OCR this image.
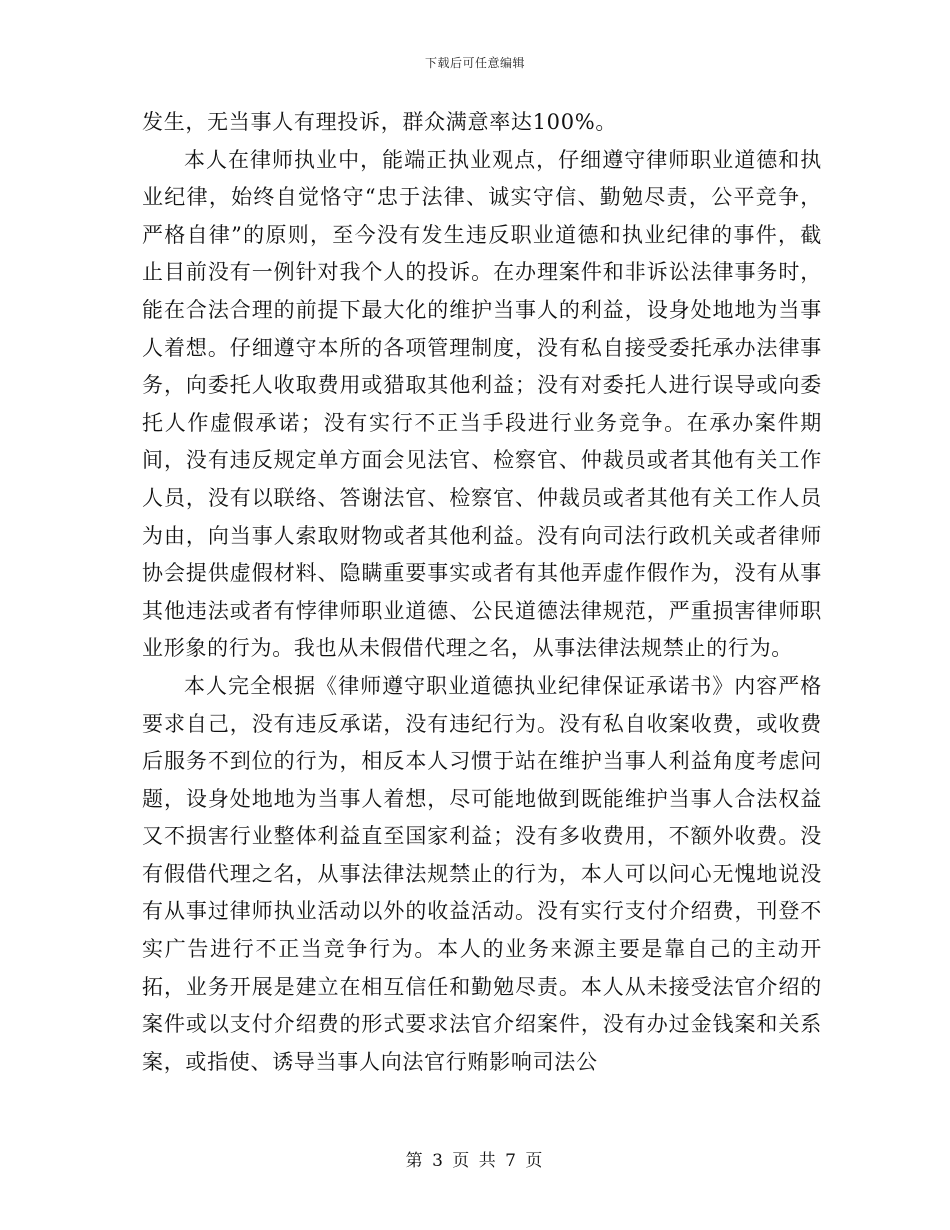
下载后可任意编辑

发生，无当事人有理投诉，群众满意率达100%。

本人在律师执业中，能端正执业观点，仔细遵守律师职业道德和执业纪律，始终自觉恪守“忠于法律、诚实守信、勤勉尽责，公平竞争，严格自律”的原则，至今没有发生违反职业道德和执业纪律的事件，截止目前没有一例针对我个人的投诉。在办理案件和非诉讼法律事务时，能在合法合理的前提下最大化的维护当事人的利益，设身处地地为当事人着想。仔细遵守本所的各项管理制度，没有私自接受委托承办法律事务，向委托人收取费用或猎取其他利益；没有对委托人进行误导或向委托人作虚假承诺；没有实行不正当手段进行业务竞争。在承办案件期间，没有违反规定单方面会见法官、检察官、仲裁员或者其他有关工作人员，没有以联络、答谢法官、检察官、仲裁员或者其他有关工作人员为由，向当事人索取财物或者其他利益。没有向司法行政机关或者律师协会提供虚假材料、隐瞒重要事实或者有其他弄虚作假作为，没有从事其他违法或者有悖律师职业道德、公民道德法律规范，严重损害律师职业形象的行为。我也从未假借代理之名，从事法律法规禁止的行为。

本人完全根据《律师遵守职业道德执业纪律保证承诺书》内容严格要求自己，没有违反承诺，没有违纪行为。没有私自收案收费，或收费后服务不到位的行为，相反本人习惯于站在维护当事人利益角度考虑问题，设身处地地为当事人着想，尽可能地做到既能维护当事人合法权益又不损害行业整体利益直至国家利益；没有多收费用，不额外收费。没有假借代理之名，从事法律法规禁止的行为，本人可以问心无愧地说没有从事过律师执业活动以外的收益活动。没有实行支付介绍费，刊登不实广告进行不正当竞争行为。本人的业务来源主要是靠自己的主动开拓，业务开展是建立在相互信任和勤勉尽责。本人从未接受法官介绍的案件或以支付介绍费的形式要求法官介绍案件，没有办过金钱案和关系案，或指使、诱导当事人向法官行贿影响司法公

第 3 页 共 7 页
